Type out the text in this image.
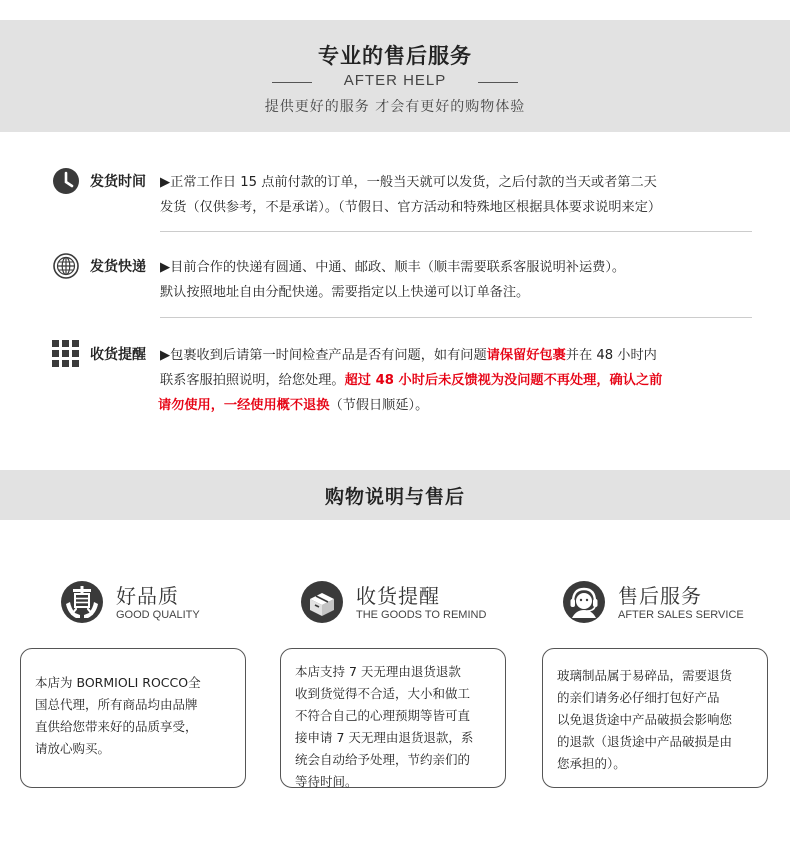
专业的售后服务
AFTER HELP
提供更好的服务 才会有更好的购物体验
发货时间 ▶正常工作日 15 点前付款的订单，一般当天就可以发货，之后付款的当天或者第二天
发货（仅供参考，不是承诺）。（节假日、官方活动和特殊地区根据具体要求说明来定）
发货快递 ▶目前合作的快递有圆通、中通、邮政、顺丰（顺丰需要联系客服说明补运费）。
默认按照地址自由分配快递。需要指定以上快递可以订单备注。
收货提醒 ▶包裹收到后请第一时间检查产品是否有问题，如有问题请保留好包裹并在 48 小时内
联系客服拍照说明，给您处理。超过 48 小时后未反馈视为没问题不再处理，确认之前
请勿使用，一经使用概不退换（节假日顺延）。
购物说明与售后
好品质
GOOD QUALITY
收货提醒
THE GOODS TO REMIND
售后服务
AFTER SALES SERVICE
本店为 BORMIOLI ROCCO全
国总代理，所有商品均由品牌
直供给您带来好的品质享受，
请放心购买。
本店支持 7 天无理由退货退款
收到货觉得不合适，大小和做工
不符合自己的心理预期等皆可直
接申请 7 天无理由退货退款，系
统会自动给予处理，节约亲们的
等待时间。
玻璃制品属于易碎品，需要退货
的亲们请务必仔细打包好产品
以免退货途中产品破损会影响您
的退款（退货途中产品破损是由
您承担的）。
